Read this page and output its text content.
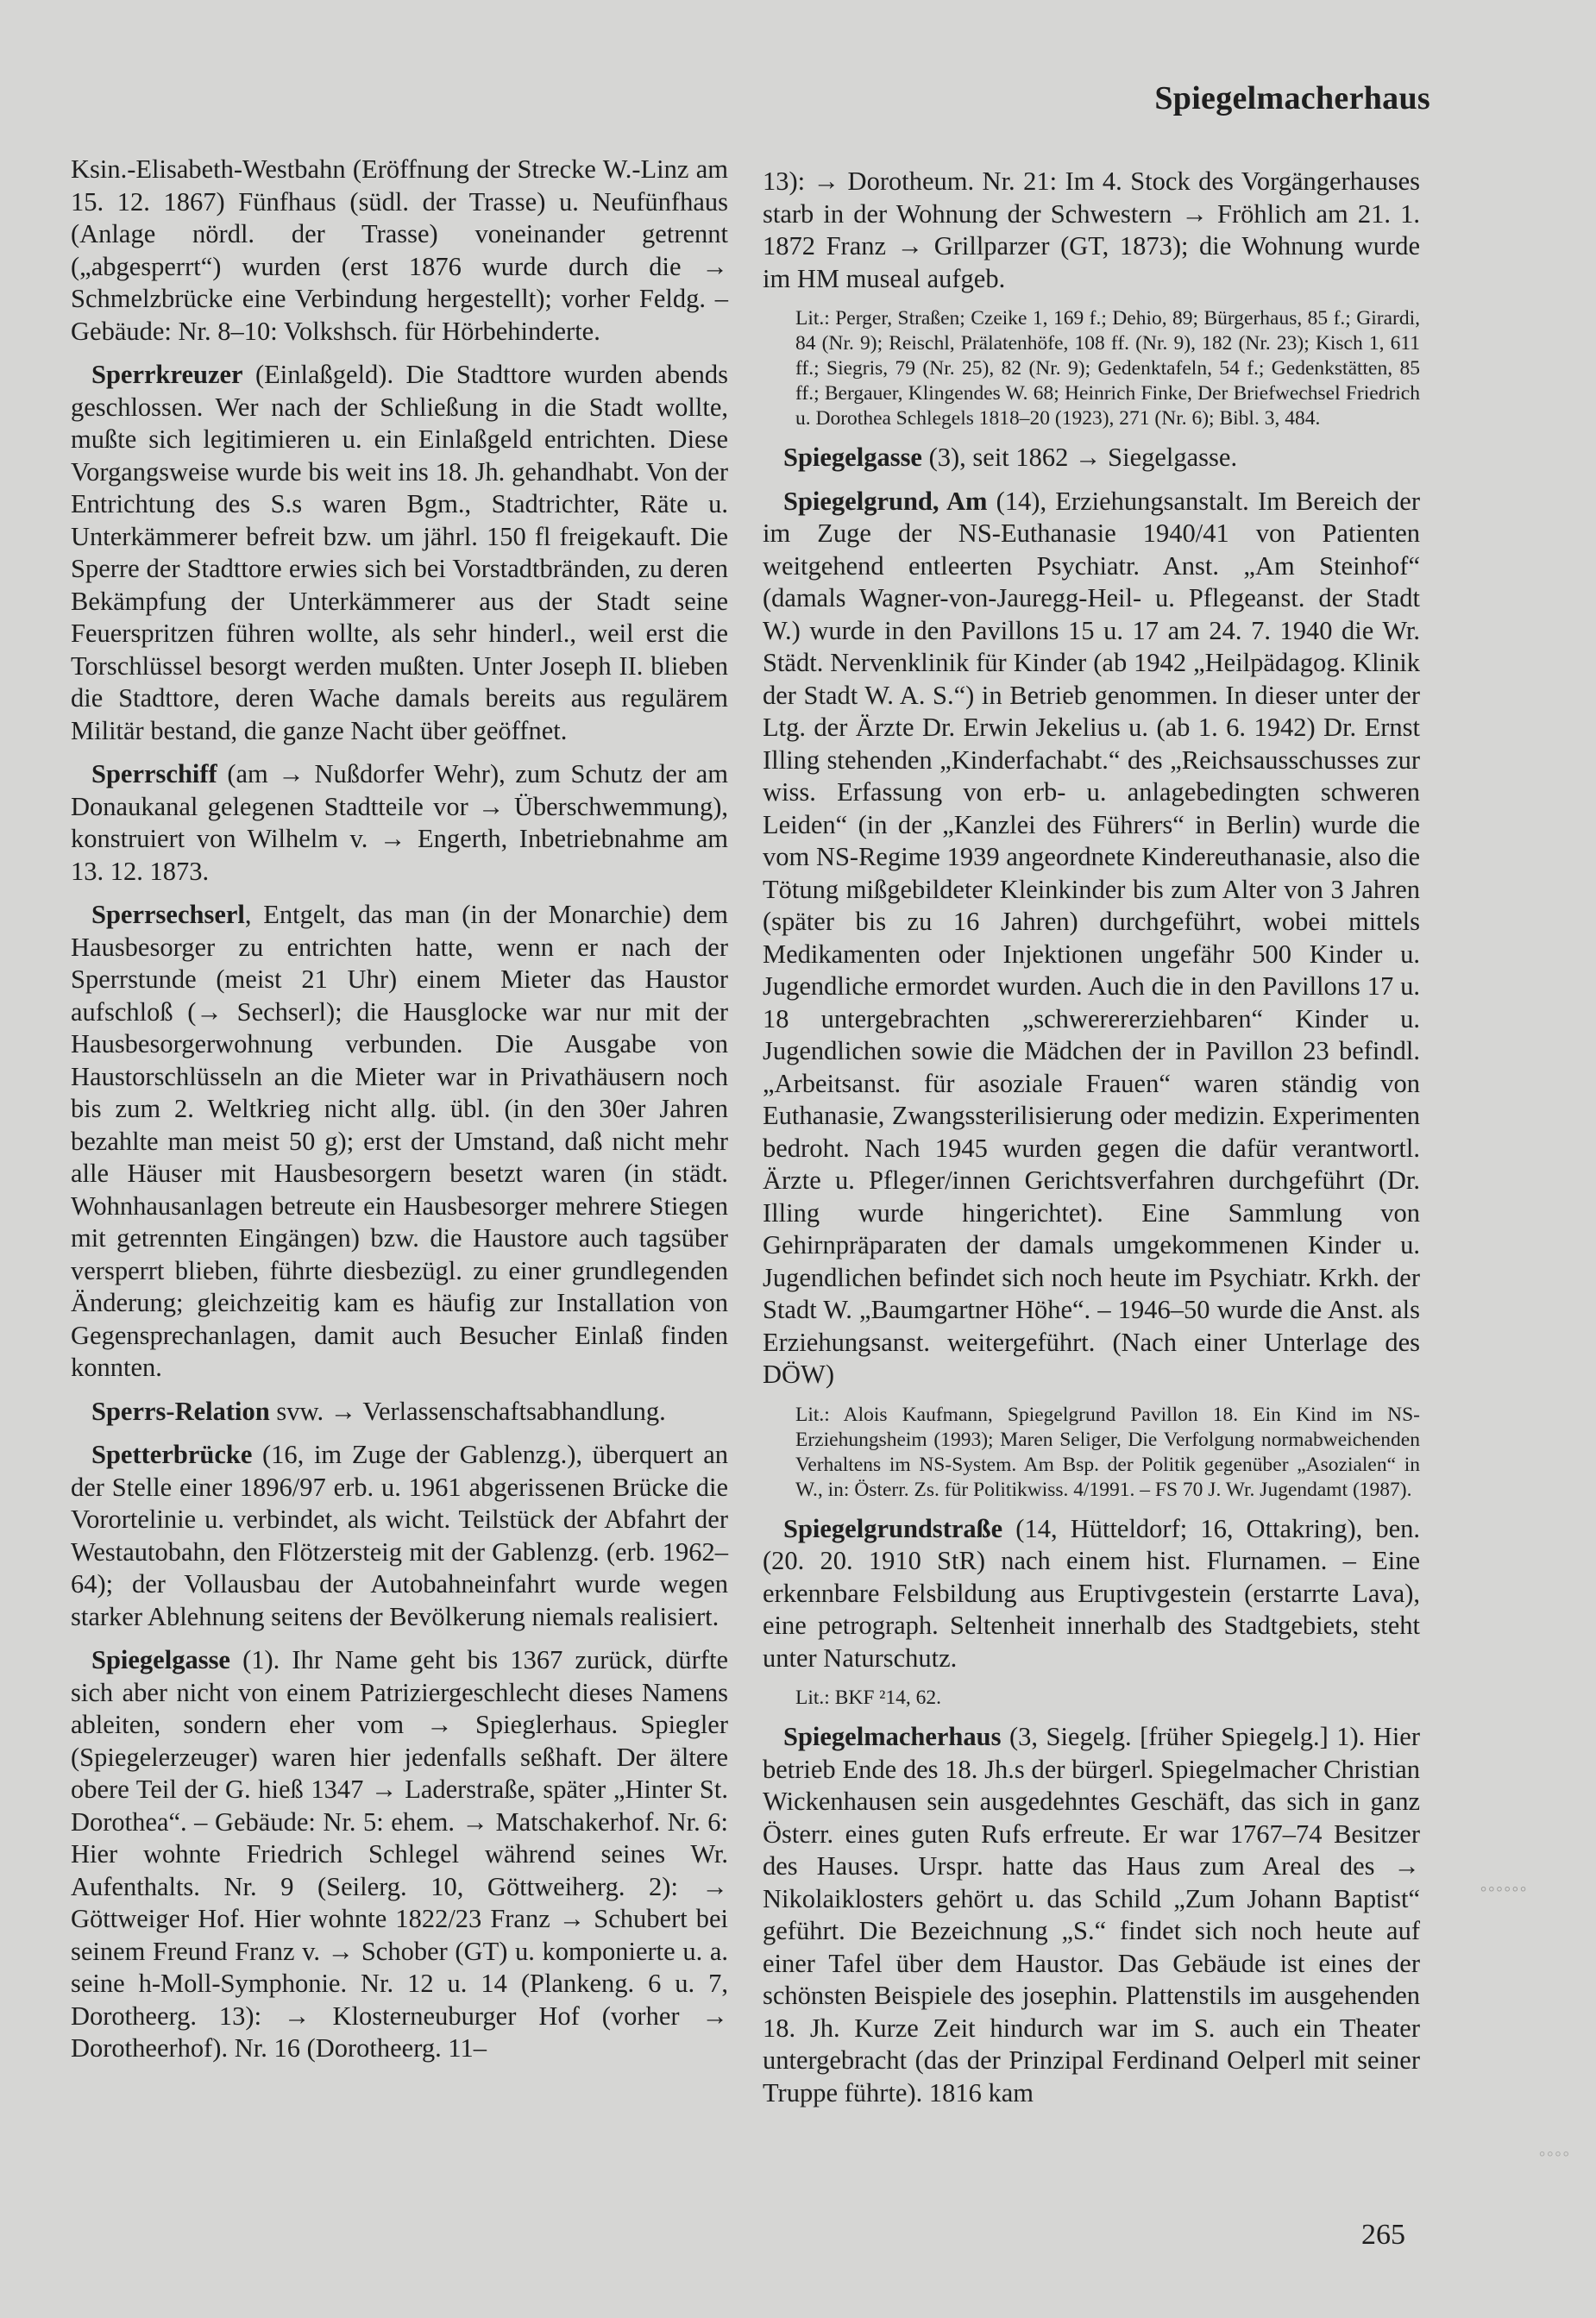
Spiegelmacherhaus

Ksin.-Elisabeth-Westbahn (Eröffnung der Strecke W.-Linz am 15. 12. 1867) Fünfhaus (südl. der Trasse) u. Neufünfhaus (Anlage nördl. der Trasse) voneinander getrennt („abgesperrt“) wurden (erst 1876 wurde durch die → Schmelzbrücke eine Verbindung hergestellt); vorher Feldg. – Gebäude: Nr. 8–10: Volkshsch. für Hörbehinderte.

Sperrkreuzer (Einlaßgeld). Die Stadttore wurden abends geschlossen. Wer nach der Schließung in die Stadt wollte, mußte sich legitimieren u. ein Einlaßgeld entrichten. Diese Vorgangsweise wurde bis weit ins 18. Jh. gehandhabt. Von der Entrichtung des S.s waren Bgm., Stadtrichter, Räte u. Unterkämmerer befreit bzw. um jährl. 150 fl freigekauft. Die Sperre der Stadttore erwies sich bei Vorstadtbränden, zu deren Bekämpfung der Unterkämmerer aus der Stadt seine Feuerspritzen führen wollte, als sehr hinderl., weil erst die Torschlüssel besorgt werden mußten. Unter Joseph II. blieben die Stadttore, deren Wache damals bereits aus regulärem Militär bestand, die ganze Nacht über geöffnet.

Sperrschiff (am → Nußdorfer Wehr), zum Schutz der am Donaukanal gelegenen Stadtteile vor → Überschwemmung), konstruiert von Wilhelm v. → Engerth, Inbetriebnahme am 13. 12. 1873.

Sperrsechserl, Entgelt, das man (in der Monarchie) dem Hausbesorger zu entrichten hatte, wenn er nach der Sperrstunde (meist 21 Uhr) einem Mieter das Haustor aufschloß (→ Sechserl); die Hausglocke war nur mit der Hausbesorgerwohnung verbunden. Die Ausgabe von Haustorschlüsseln an die Mieter war in Privathäusern noch bis zum 2. Weltkrieg nicht allg. übl. (in den 30er Jahren bezahlte man meist 50 g); erst der Umstand, daß nicht mehr alle Häuser mit Hausbesorgern besetzt waren (in städt. Wohnhausanlagen betreute ein Hausbesorger mehrere Stiegen mit getrennten Eingängen) bzw. die Haustore auch tagsüber versperrt blieben, führte diesbezügl. zu einer grundlegenden Änderung; gleichzeitig kam es häufig zur Installation von Gegensprechanlagen, damit auch Besucher Einlaß finden konnten.

Sperrs-Relation svw. → Verlassenschaftsabhandlung.

Spetterbrücke (16, im Zuge der Gablenzg.), überquert an der Stelle einer 1896/97 erb. u. 1961 abgerissenen Brücke die Vorortelinie u. verbindet, als wicht. Teilstück der Abfahrt der Westautobahn, den Flötzersteig mit der Gablenzg. (erb. 1962–64); der Vollausbau der Autobahneinfahrt wurde wegen starker Ablehnung seitens der Bevölkerung niemals realisiert.

Spiegelgasse (1). Ihr Name geht bis 1367 zurück, dürfte sich aber nicht von einem Patriziergeschlecht dieses Namens ableiten, sondern eher vom → Spieglerhaus. Spiegler (Spiegelerzeuger) waren hier jedenfalls seßhaft. Der ältere obere Teil der G. hieß 1347 → Laderstraße, später „Hinter St. Dorothea“. – Gebäude: Nr. 5: ehem. → Matschakerhof. Nr. 6: Hier wohnte Friedrich Schlegel während seines Wr. Aufenthalts. Nr. 9 (Seilerg. 10, Göttweiherg. 2): → Göttweiger Hof. Hier wohnte 1822/23 Franz → Schubert bei seinem Freund Franz v. → Schober (GT) u. komponierte u. a. seine h-Moll-Symphonie. Nr. 12 u. 14 (Plankeng. 6 u. 7, Dorotheerg. 13): → Klosterneuburger Hof (vorher → Dorotheerhof). Nr. 16 (Dorotheerg. 11–

13): → Dorotheum. Nr. 21: Im 4. Stock des Vorgängerhauses starb in der Wohnung der Schwestern → Fröhlich am 21. 1. 1872 Franz → Grillparzer (GT, 1873); die Wohnung wurde im HM museal aufgeb.

Lit.: Perger, Straßen; Czeike 1, 169 f.; Dehio, 89; Bürgerhaus, 85 f.; Girardi, 84 (Nr. 9); Reischl, Prälatenhöfe, 108 ff. (Nr. 9), 182 (Nr. 23); Kisch 1, 611 ff.; Siegris, 79 (Nr. 25), 82 (Nr. 9); Gedenktafeln, 54 f.; Gedenkstätten, 85 ff.; Bergauer, Klingendes W. 68; Heinrich Finke, Der Briefwechsel Friedrich u. Dorothea Schlegels 1818–20 (1923), 271 (Nr. 6); Bibl. 3, 484.

Spiegelgasse (3), seit 1862 → Siegelgasse.

Spiegelgrund, Am (14), Erziehungsanstalt. Im Bereich der im Zuge der NS-Euthanasie 1940/41 von Patienten weitgehend entleerten Psychiatr. Anst. „Am Steinhof“ (damals Wagner-von-Jauregg-Heil- u. Pflegeanst. der Stadt W.) wurde in den Pavillons 15 u. 17 am 24. 7. 1940 die Wr. Städt. Nervenklinik für Kinder (ab 1942 „Heilpädagog. Klinik der Stadt W. A. S.“) in Betrieb genommen. In dieser unter der Ltg. der Ärzte Dr. Erwin Jekelius u. (ab 1. 6. 1942) Dr. Ernst Illing stehenden „Kinderfachabt.“ des „Reichsausschusses zur wiss. Erfassung von erb- u. anlagebedingten schweren Leiden“ (in der „Kanzlei des Führers“ in Berlin) wurde die vom NS-Regime 1939 angeordnete Kindereuthanasie, also die Tötung mißgebildeter Kleinkinder bis zum Alter von 3 Jahren (später bis zu 16 Jahren) durchgeführt, wobei mittels Medikamenten oder Injektionen ungefähr 500 Kinder u. Jugendliche ermordet wurden. Auch die in den Pavillons 17 u. 18 untergebrachten „schwerererziehbaren“ Kinder u. Jugendlichen sowie die Mädchen der in Pavillon 23 befindl. „Arbeitsanst. für asoziale Frauen“ waren ständig von Euthanasie, Zwangssterilisierung oder medizin. Experimenten bedroht. Nach 1945 wurden gegen die dafür verantwortl. Ärzte u. Pfleger/innen Gerichtsverfahren durchgeführt (Dr. Illing wurde hingerichtet). Eine Sammlung von Gehirnpräparaten der damals umgekommenen Kinder u. Jugendlichen befindet sich noch heute im Psychiatr. Krkh. der Stadt W. „Baumgartner Höhe“. – 1946–50 wurde die Anst. als Erziehungsanst. weitergeführt. (Nach einer Unterlage des DÖW)

Lit.: Alois Kaufmann, Spiegelgrund Pavillon 18. Ein Kind im NS-Erziehungsheim (1993); Maren Seliger, Die Verfolgung normabweichenden Verhaltens im NS-System. Am Bsp. der Politik gegenüber „Asozialen“ in W., in: Österr. Zs. für Politikwiss. 4/1991. – FS 70 J. Wr. Jugendamt (1987).

Spiegelgrundstraße (14, Hütteldorf; 16, Ottakring), ben. (20. 20. 1910 StR) nach einem hist. Flurnamen. – Eine erkennbare Felsbildung aus Eruptivgestein (erstarrte Lava), eine petrograph. Seltenheit innerhalb des Stadtgebiets, steht unter Naturschutz.

Lit.: BKF ²14, 62.

Spiegelmacherhaus (3, Siegelg. [früher Spiegelg.] 1). Hier betrieb Ende des 18. Jh.s der bürgerl. Spiegelmacher Christian Wickenhausen sein ausgedehntes Geschäft, das sich in ganz Österr. eines guten Rufs erfreute. Er war 1767–74 Besitzer des Hauses. Urspr. hatte das Haus zum Areal des → Nikolaiklosters gehört u. das Schild „Zum Johann Baptist“ geführt. Die Bezeichnung „S.“ findet sich noch heute auf einer Tafel über dem Haustor. Das Gebäude ist eines der schönsten Beispiele des josephin. Plattenstils im ausgehenden 18. Jh. Kurze Zeit hindurch war im S. auch ein Theater untergebracht (das der Prinzipal Ferdinand Oelperl mit seiner Truppe führte). 1816 kam

°°°°°°
°°°°
265
